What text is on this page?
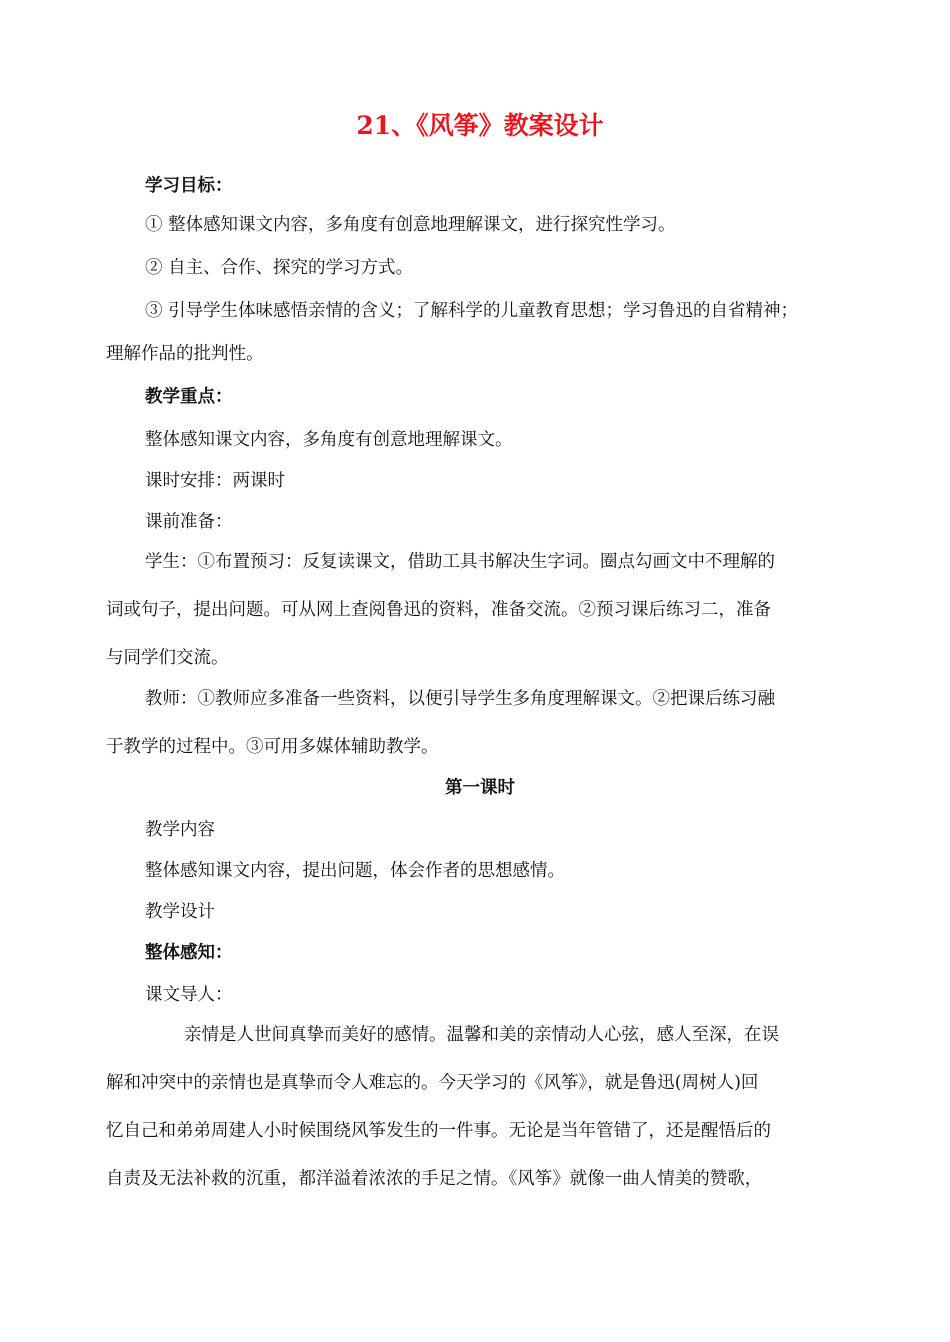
21、《风筝》教案设计
学习目标：
① 整体感知课文内容，多角度有创意地理解课文，进行探究性学习。
② 自主、合作、探究的学习方式。
③ 引导学生体味感悟亲情的含义；了解科学的儿童教育思想；学习鲁迅的自省精神；
理解作品的批判性。
教学重点：
整体感知课文内容，多角度有创意地理解课文。
课时安排：两课时
课前准备：
学生：①布置预习：反复读课文，借助工具书解决生字词。圈点勾画文中不理解的
词或句子，提出问题。可从网上查阅鲁迅的资料，准备交流。②预习课后练习二，准备
与同学们交流。
教师：①教师应多准备一些资料，以便引导学生多角度理解课文。②把课后练习融
于教学的过程中。③可用多媒体辅助教学。
第一课时
教学内容
整体感知课文内容，提出问题，体会作者的思想感情。
教学设计
整体感知：
课文导人：
亲情是人世间真挚而美好的感情。温馨和美的亲情动人心弦，感人至深，在误
解和冲突中的亲情也是真挚而令人难忘的。今天学习的《风筝》，就是鲁迅(周树人)回
忆自己和弟弟周建人小时候围绕风筝发生的一件事。无论是当年管错了，还是醒悟后的
自责及无法补救的沉重，都洋溢着浓浓的手足之情。《风筝》就像一曲人情美的赞歌，
